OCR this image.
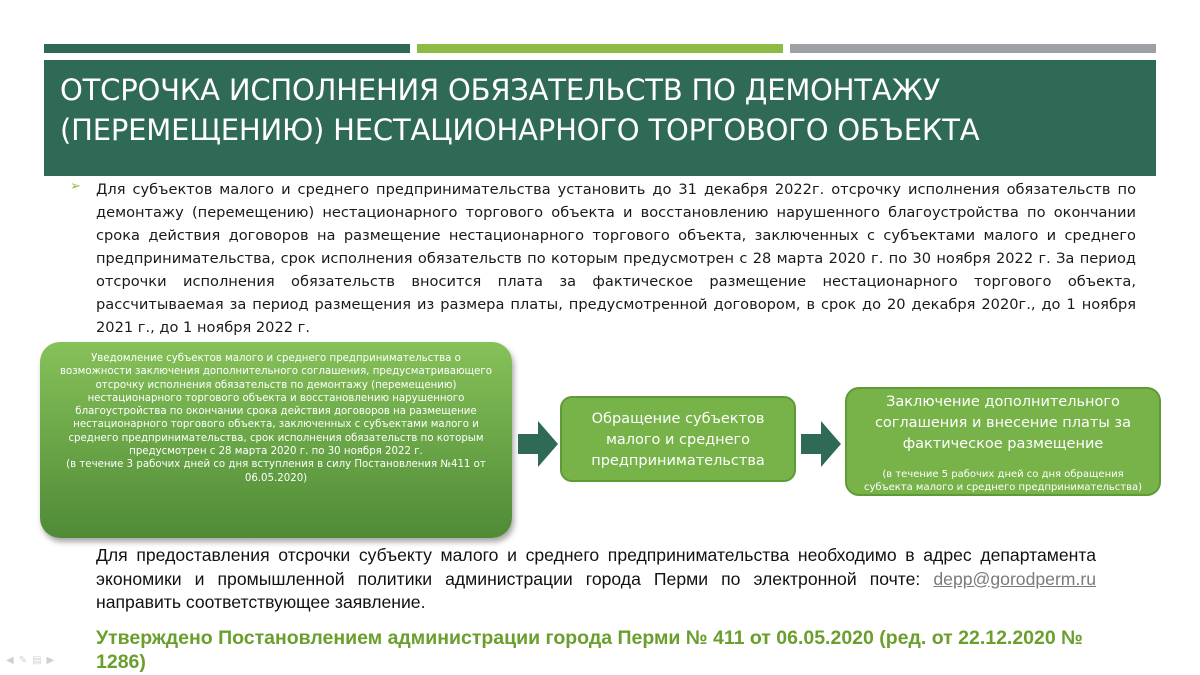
ОТСРОЧКА ИСПОЛНЕНИЯ ОБЯЗАТЕЛЬСТВ ПО ДЕМОНТАЖУ
(ПЕРЕМЕЩЕНИЮ) НЕСТАЦИОНАРНОГО ТОРГОВОГО ОБЪЕКТА
➢ Для субъектов малого и среднего предпринимательства установить до 31 декабря 2022г. отсрочку исполнения обязательств по демонтажу (перемещению) нестационарного торгового объекта и восстановлению нарушенного благоустройства по окончании срока действия договоров на размещение нестационарного торгового объекта, заключенных с субъектами малого и среднего предпринимательства, срок исполнения обязательств по которым предусмотрен с 28 марта 2020 г. по 30 ноября 2022 г. За период отсрочки исполнения обязательств вносится плата за фактическое размещение нестационарного торгового объекта, рассчитываемая за период размещения из размера платы, предусмотренной договором, в срок до 20 декабря 2020г., до 1 ноября 2021 г., до 1 ноября 2022 г.
Уведомление субъектов малого и среднего предпринимательства о возможности заключения дополнительного соглашения, предусматривающего отсрочку исполнения обязательств по демонтажу (перемещению) нестационарного торгового объекта и восстановлению нарушенного благоустройства по окончании срока действия договоров на размещение нестационарного торгового объекта, заключенных с субъектами малого и среднего предпринимательства, срок исполнения обязательств по которым предусмотрен с 28 марта 2020 г. по 30 ноября 2022 г.
(в течение 3 рабочих дней со дня вступления в силу Постановления №411 от 06.05.2020)
Обращение субъектов малого и среднего предпринимательства
Заключение дополнительного соглашения и внесение платы за фактическое размещение
(в течение 5 рабочих дней со дня обращения субъекта малого и среднего предпринимательства)
Для предоставления отсрочки субъекту малого и среднего предпринимательства необходимо в адрес департамента экономики и промышленной политики администрации города Перми по электронной почте: depp@gorodperm.ru направить соответствующее заявление.
Утверждено Постановлением администрации города Перми № 411 от 06.05.2020 (ред. от 22.12.2020 № 1286)
◀ ✎ ▤ ▶
